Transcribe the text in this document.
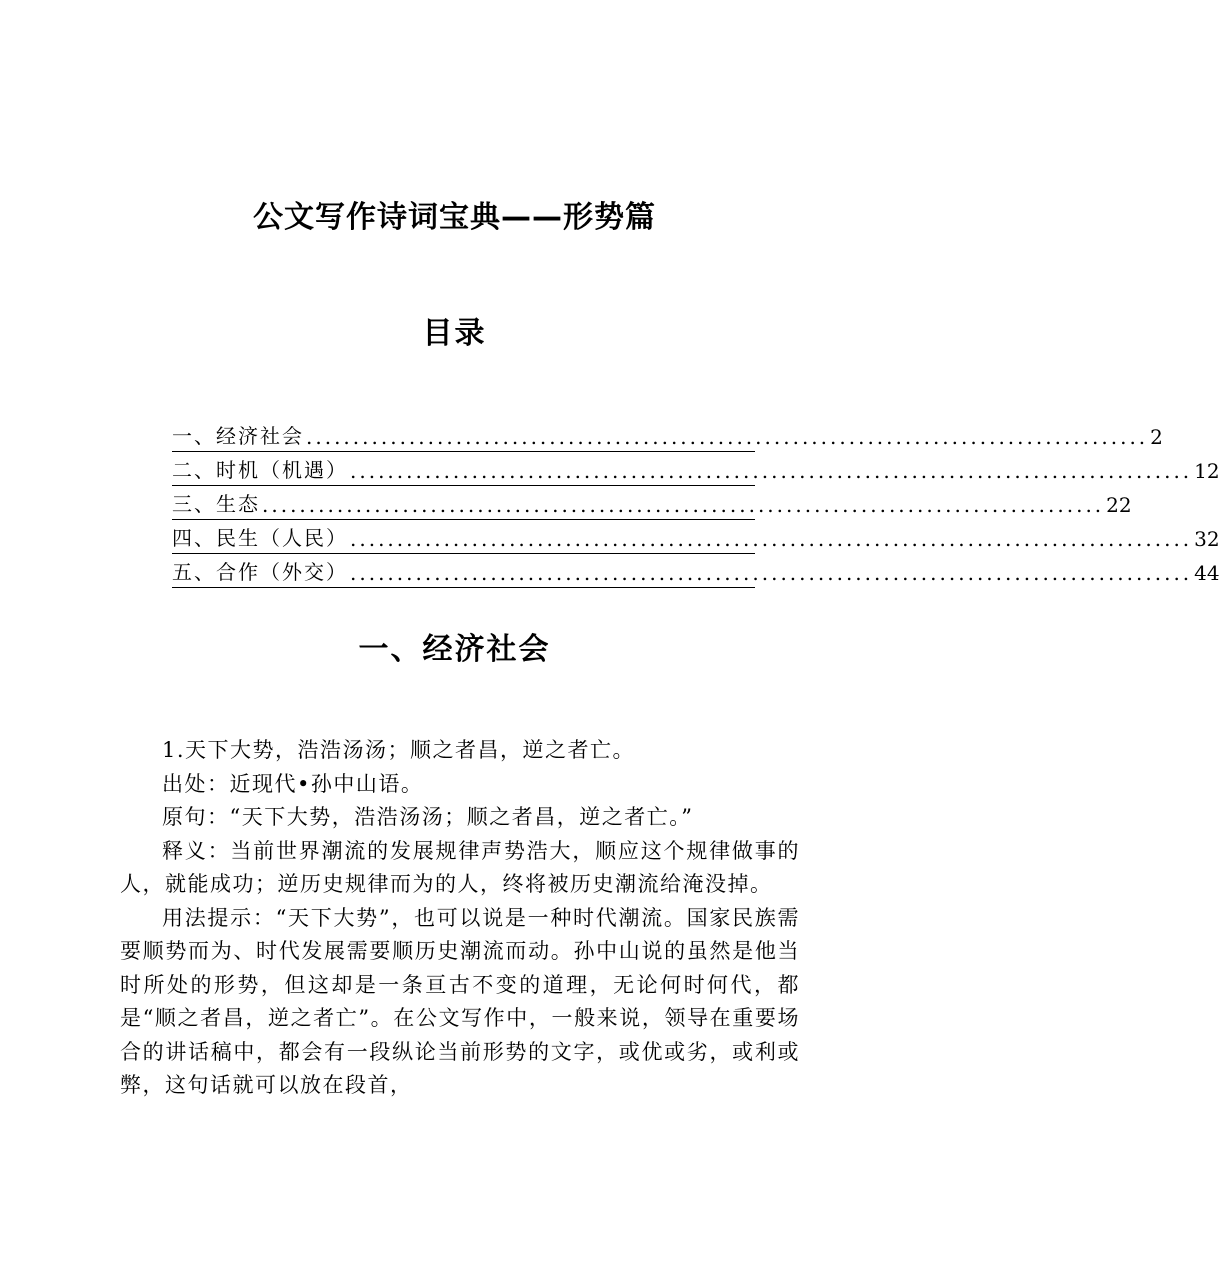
公文写作诗词宝典——形势篇
目录
一、经济社会 .......................................................................................... 2
二、时机（机遇） .......................................................................................... 12
三、生态 .......................................................................................... 22
四、民生（人民） .......................................................................................... 32
五、合作（外交） .......................................................................................... 44
一、经济社会

1.天下大势，浩浩汤汤；顺之者昌，逆之者亡。

出处：近现代•孙中山语。

原句：“天下大势，浩浩汤汤；顺之者昌，逆之者亡。”

释义：当前世界潮流的发展规律声势浩大，顺应这个规律做事的人，就能成功；逆历史规律而为的人，终将被历史潮流给淹没掉。

用法提示：“天下大势”，也可以说是一种时代潮流。国家民族需要顺势而为、时代发展需要顺历史潮流而动。孙中山说的虽然是他当时所处的形势，但这却是一条亘古不变的道理，无论何时何代，都是“顺之者昌，逆之者亡”。在公文写作中，一般来说，领导在重要场合的讲话稿中，都会有一段纵论当前形势的文字，或优或劣，或利或弊，这句话就可以放在段首，
